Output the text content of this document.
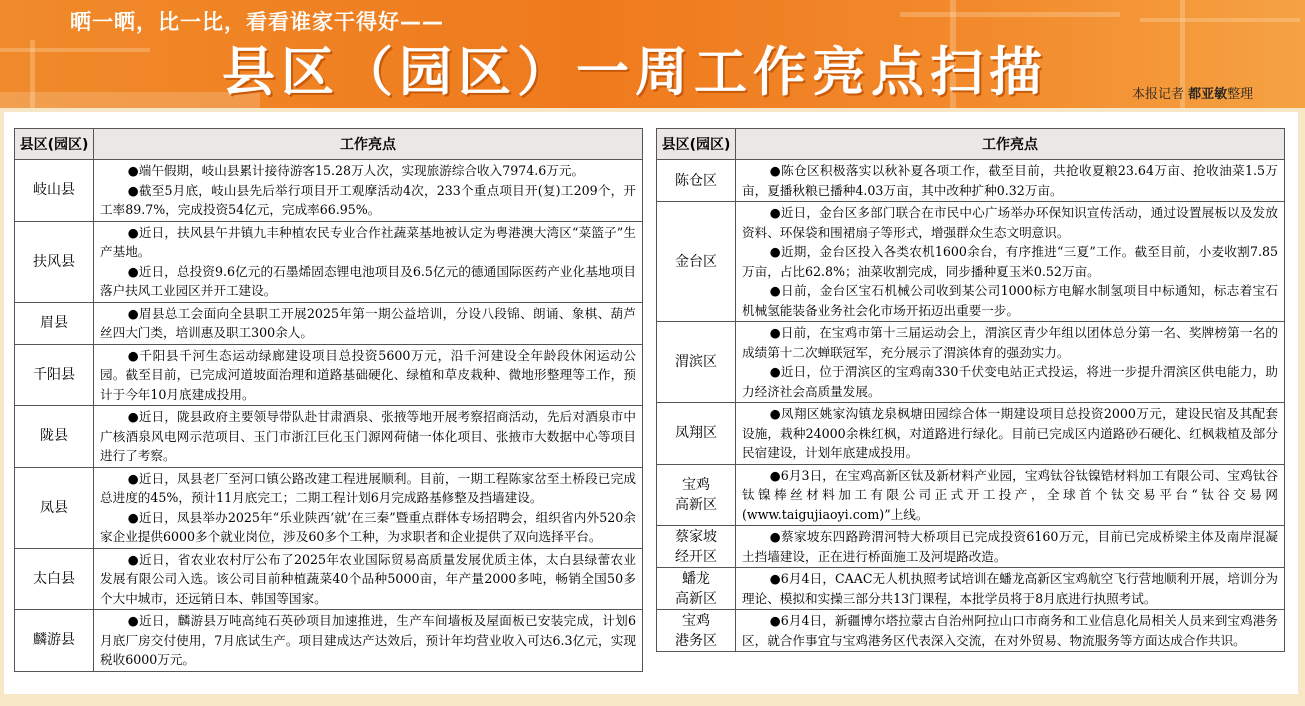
晒一晒，比一比，看看谁家干得好——
县区（园区）一周工作亮点扫描	本报记者 都亚敏整理
县区(园区)	工作亮点
岐山县	●端午假期，岐山县累计接待游客15.28万人次，实现旅游综合收入7974.6万元。

●截至5月底，岐山县先后举行项目开工观摩活动4次，233个重点项目开(复)工209个，开工率89.7%，完成投资54亿元，完成率66.95%。

扶风县	●近日，扶风县午井镇九丰种植农民专业合作社蔬菜基地被认定为粤港澳大湾区“菜篮子”生产基地。

●近日，总投资9.6亿元的石墨烯固态锂电池项目及6.5亿元的德通国际医药产业化基地项目落户扶风工业园区并开工建设。

眉县	●眉县总工会面向全县职工开展2025年第一期公益培训，分设八段锦、朗诵、象棋、葫芦丝四大门类，培训惠及职工300余人。

千阳县	●千阳县千河生态运动绿廊建设项目总投资5600万元，沿千河建设全年龄段休闲运动公园。截至目前，已完成河道坡面治理和道路基础硬化、绿植和草皮栽种、微地形整理等工作，预计于今年10月底建成投用。

陇县	●近日，陇县政府主要领导带队赴甘肃酒泉、张掖等地开展考察招商活动，先后对酒泉市中广核酒泉风电网示范项目、玉门市浙江巨化玉门源网荷储一体化项目、张掖市大数据中心等项目进行了考察。

凤县	●近日，凤县老厂至河口镇公路改建工程进展顺利。目前，一期工程陈家岔至土桥段已完成总进度的45%，预计11月底完工；二期工程计划6月完成路基修整及挡墙建设。

●近日，凤县举办2025年“乐业陕西‘就’在三秦”暨重点群体专场招聘会，组织省内外520余家企业提供6000多个就业岗位，涉及60多个工种，为求职者和企业提供了双向选择平台。

太白县	●近日，省农业农村厅公布了2025年农业国际贸易高质量发展优质主体，太白县绿蕾农业发展有限公司入选。该公司目前种植蔬菜40个品种5000亩，年产量2000多吨，畅销全国50多个大中城市，还远销日本、韩国等国家。

麟游县	●近日，麟游县万吨高纯石英砂项目加速推进，生产车间墙板及屋面板已安装完成，计划6月底厂房交付使用，7月底试生产。项目建成达产达效后，预计年均营业收入可达6.3亿元，实现税收6000万元。

县区(园区)	工作亮点
陈仓区	●陈仓区积极落实以秋补夏各项工作，截至目前，共抢收夏粮23.64万亩、抢收油菜1.5万亩，夏播秋粮已播种4.03万亩，其中改种扩种0.32万亩。

金台区	●近日，金台区多部门联合在市民中心广场举办环保知识宣传活动，通过设置展板以及发放资料、环保袋和围裙扇子等形式，增强群众生态文明意识。

●近期，金台区投入各类农机1600余台，有序推进“三夏”工作。截至目前，小麦收割7.85万亩，占比62.8%；油菜收割完成，同步播种夏玉米0.52万亩。

●日前，金台区宝石机械公司收到某公司1000标方电解水制氢项目中标通知，标志着宝石机械氢能装备业务社会化市场开拓迈出重要一步。

渭滨区	●日前，在宝鸡市第十三届运动会上，渭滨区青少年组以团体总分第一名、奖牌榜第一名的成绩第十二次蝉联冠军，充分展示了渭滨体育的强劲实力。

●近日，位于渭滨区的宝鸡南330千伏变电站正式投运，将进一步提升渭滨区供电能力，助力经济社会高质量发展。

凤翔区	●凤翔区姚家沟镇龙泉枫塘田园综合体一期建设项目总投资2000万元，建设民宿及其配套设施，栽种24000余株红枫，对道路进行绿化。目前已完成区内道路砂石硬化、红枫栽植及部分民宿建设，计划年底建成投用。

宝鸡
高新区	●6月3日，在宝鸡高新区钛及新材料产业园，宝鸡钛谷钛镍锆材料加工有限公司、宝鸡钛谷钛镍棒丝材料加工有限公司正式开工投产，全球首个钛交易平台“钛谷交易网(www.taigujiaoyi.com)”上线。

蔡家坡
经开区	●蔡家坡东四路跨渭河特大桥项目已完成投资6160万元，目前已完成桥梁主体及南岸混凝土挡墙建设，正在进行桥面施工及河堤路改造。

蟠龙
高新区	●6月4日，CAAC无人机执照考试培训在蟠龙高新区宝鸡航空飞行营地顺利开展，培训分为理论、模拟和实操三部分共13门课程，本批学员将于8月底进行执照考试。

宝鸡
港务区	●6月4日，新疆博尔塔拉蒙古自治州阿拉山口市商务和工业信息化局相关人员来到宝鸡港务区，就合作事宜与宝鸡港务区代表深入交流，在对外贸易、物流服务等方面达成合作共识。
